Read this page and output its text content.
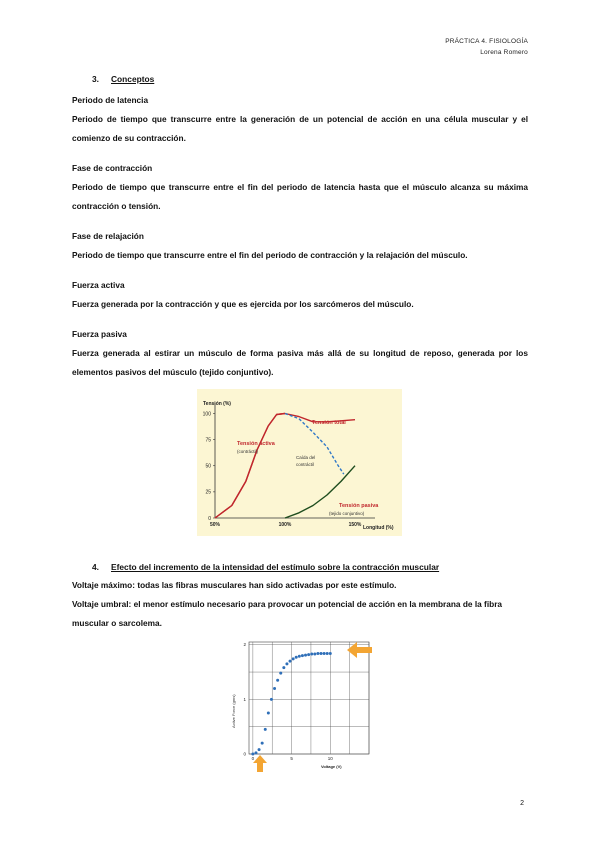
PRÁCTICA 4. FISIOLOGÍA
Lorena Romero
3. Conceptos

Periodo de latencia

Periodo de tiempo que transcurre entre la generación de un potencial de acción en una célula muscular y el comienzo de su contracción.

Fase de contracción

Periodo de tiempo que transcurre entre el fin del periodo de latencia hasta que el músculo alcanza su máxima contracción o tensión.

Fase de relajación

Periodo de tiempo que transcurre entre el fin del periodo de contracción y la relajación del músculo.

Fuerza activa

Fuerza generada por la contracción y que es ejercida por los sarcómeros del músculo.

Fuerza pasiva

Fuerza generada al estirar un músculo de forma pasiva más allá de su longitud de reposo, generada por los elementos pasivos del músculo (tejido conjuntivo).

Tensión (%)
Longitud (%)
0
25
50
75
100
50%	100%	150%
Tensión total
Tensión activa
(contráctil)
Caída del
contráctil
Tensión pasiva
(tejido conjuntivo)
4. Efecto del incremento de la intensidad del estímulo sobre la contracción muscular
Voltaje máximo: todas las fibras musculares han sido activadas por este estímulo.
Voltaje umbral: el menor estímulo necesario para provocar un potencial de acción en la membrana de la fibra muscular o sarcolema.
0	5	10
0
1
2
Active Force (gms)
Voltage (V)
2
